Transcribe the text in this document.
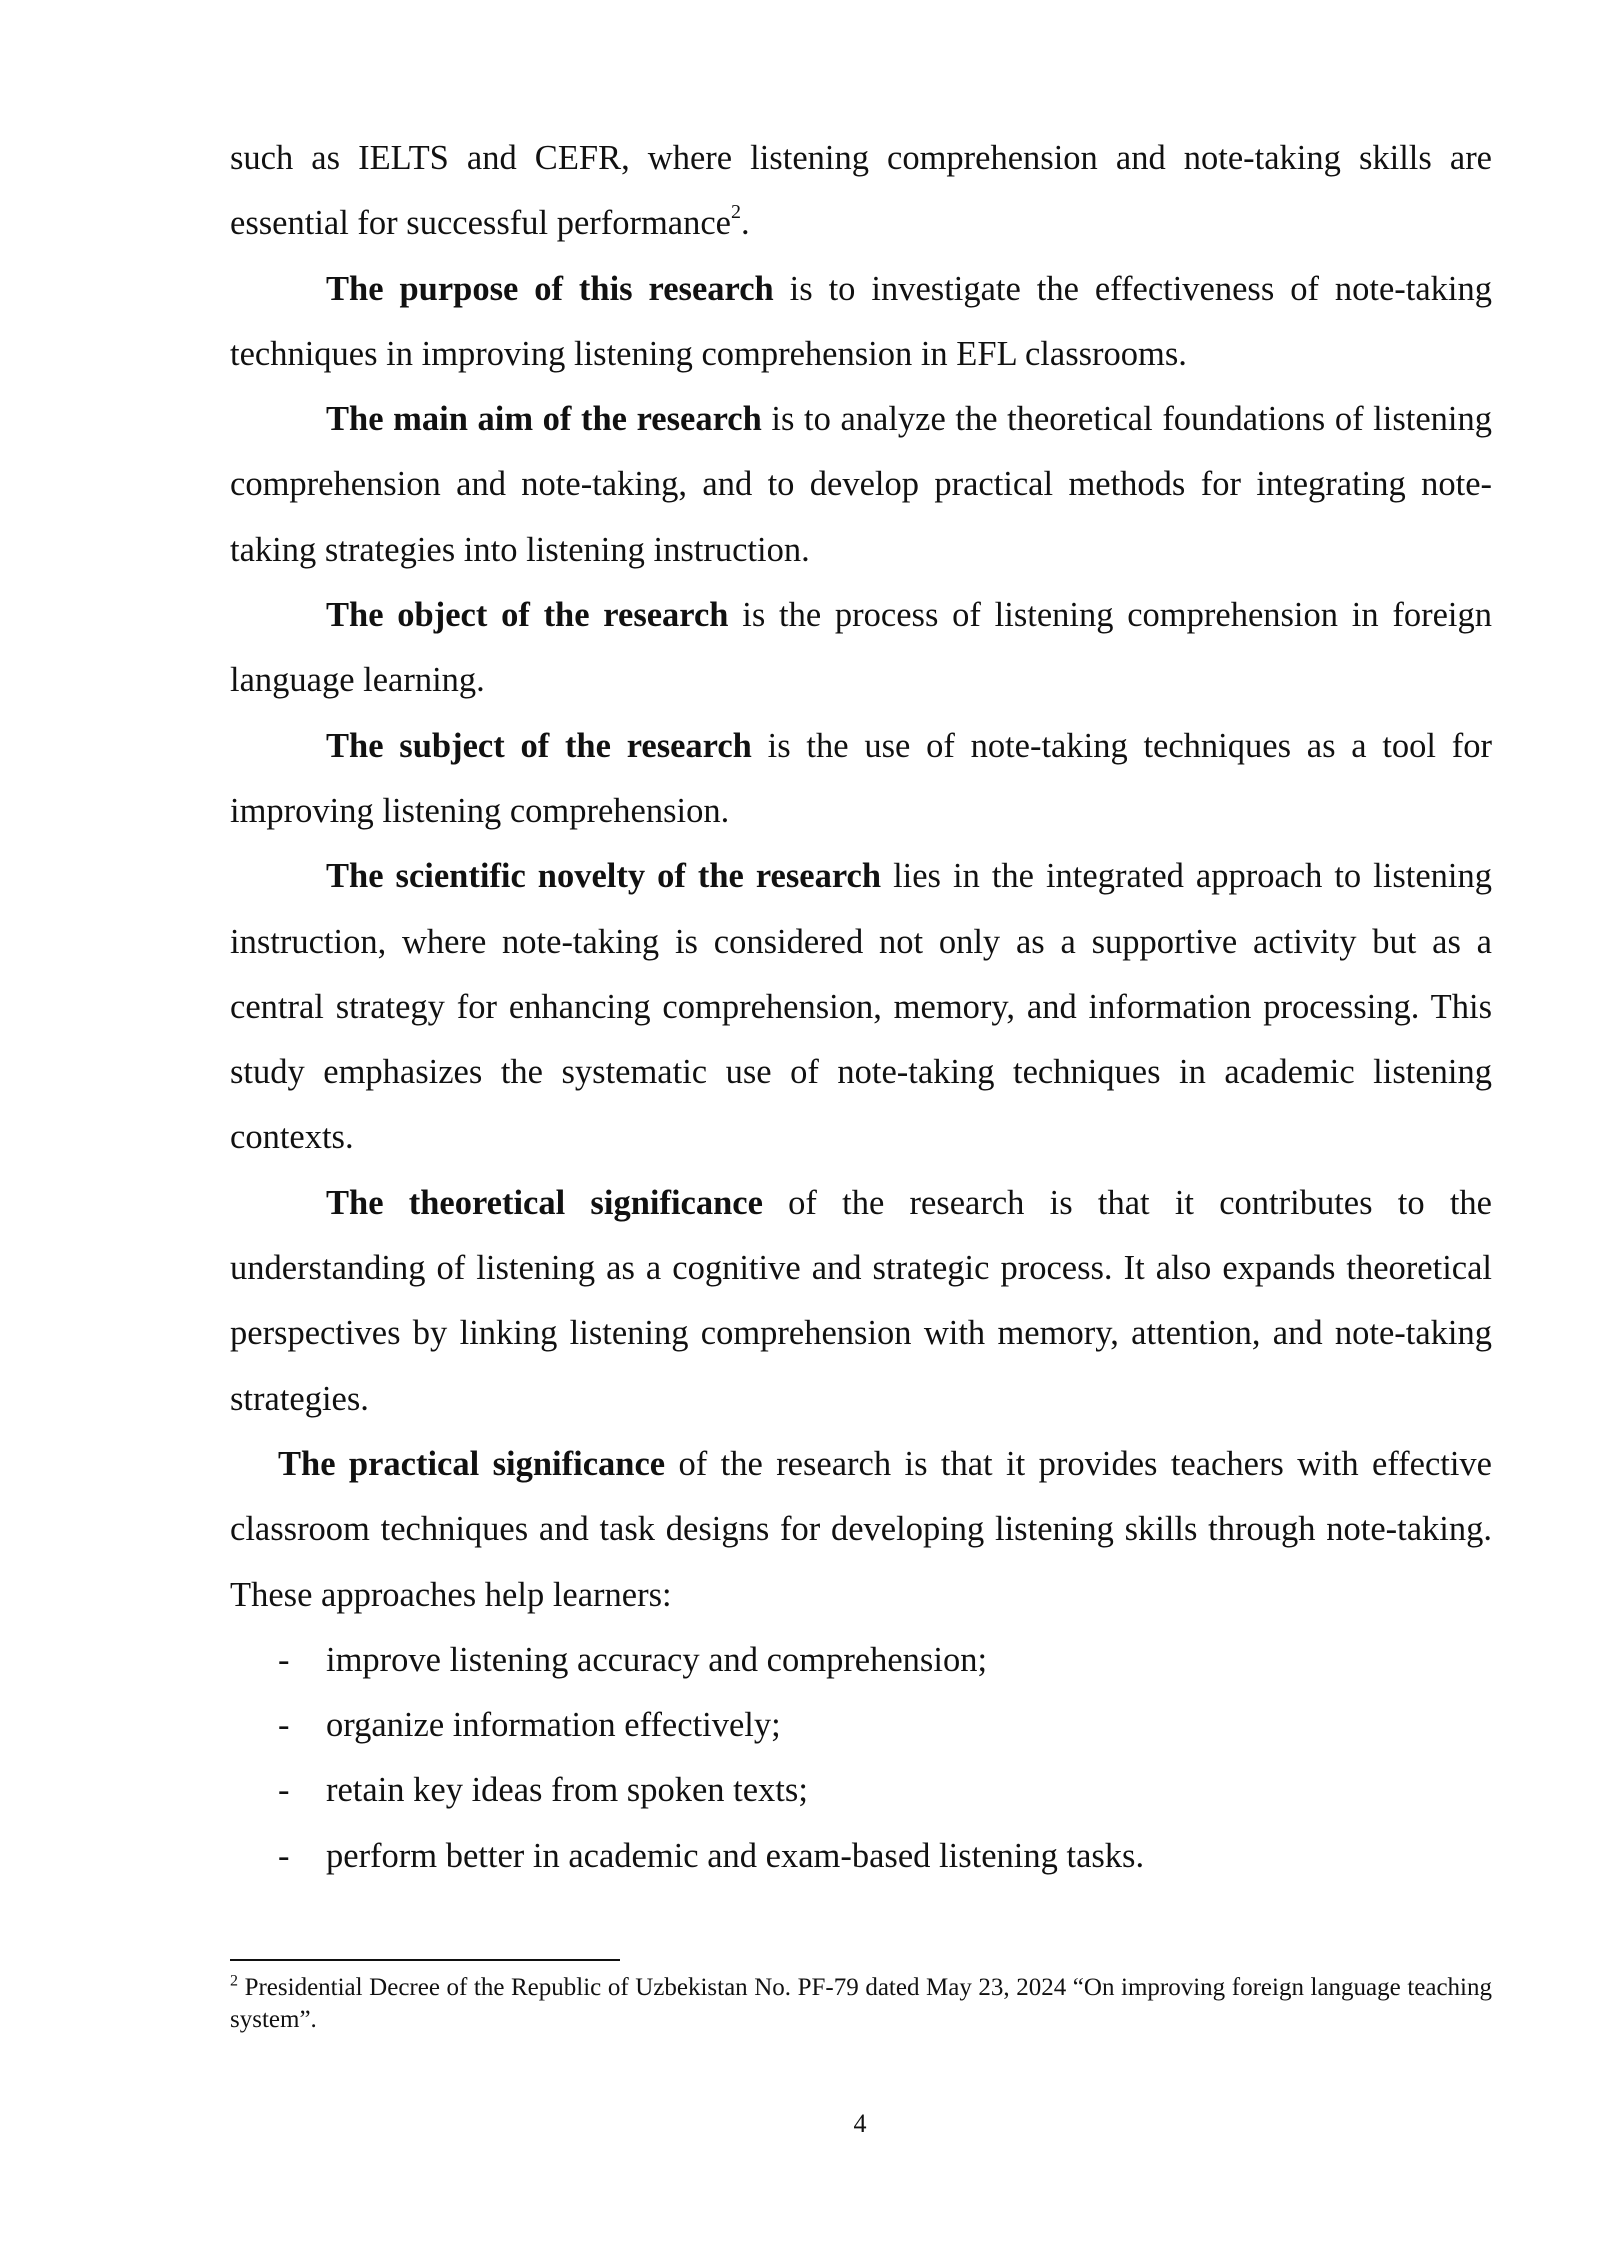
such as IELTS and CEFR, where listening comprehension and note-taking skills are essential for successful performance$^2$.

The purpose of this research is to investigate the effectiveness of note-taking techniques in improving listening comprehension in EFL classrooms.

The main aim of the research is to analyze the theoretical foundations of listening comprehension and note-taking, and to develop practical methods for integrating note-taking strategies into listening instruction.

The object of the research is the process of listening comprehension in foreign language learning.

The subject of the research is the use of note-taking techniques as a tool for improving listening comprehension.

The scientific novelty of the research lies in the integrated approach to listening instruction, where note-taking is considered not only as a supportive activity but as a central strategy for enhancing comprehension, memory, and information processing. This study emphasizes the systematic use of note-taking techniques in academic listening contexts.

The theoretical significance of the research is that it contributes to the understanding of listening as a cognitive and strategic process. It also expands theoretical perspectives by linking listening comprehension with memory, attention, and note-taking strategies.

The practical significance of the research is that it provides teachers with effective classroom techniques and task designs for developing listening skills through note-taking. These approaches help learners:

- improve listening accuracy and comprehension;
- organize information effectively;
- retain key ideas from spoken texts;
- perform better in academic and exam-based listening tasks.
$^2$ Presidential Decree of the Republic of Uzbekistan No. PF-79 dated May 23, 2024 “On improving foreign language teaching system”.
4
